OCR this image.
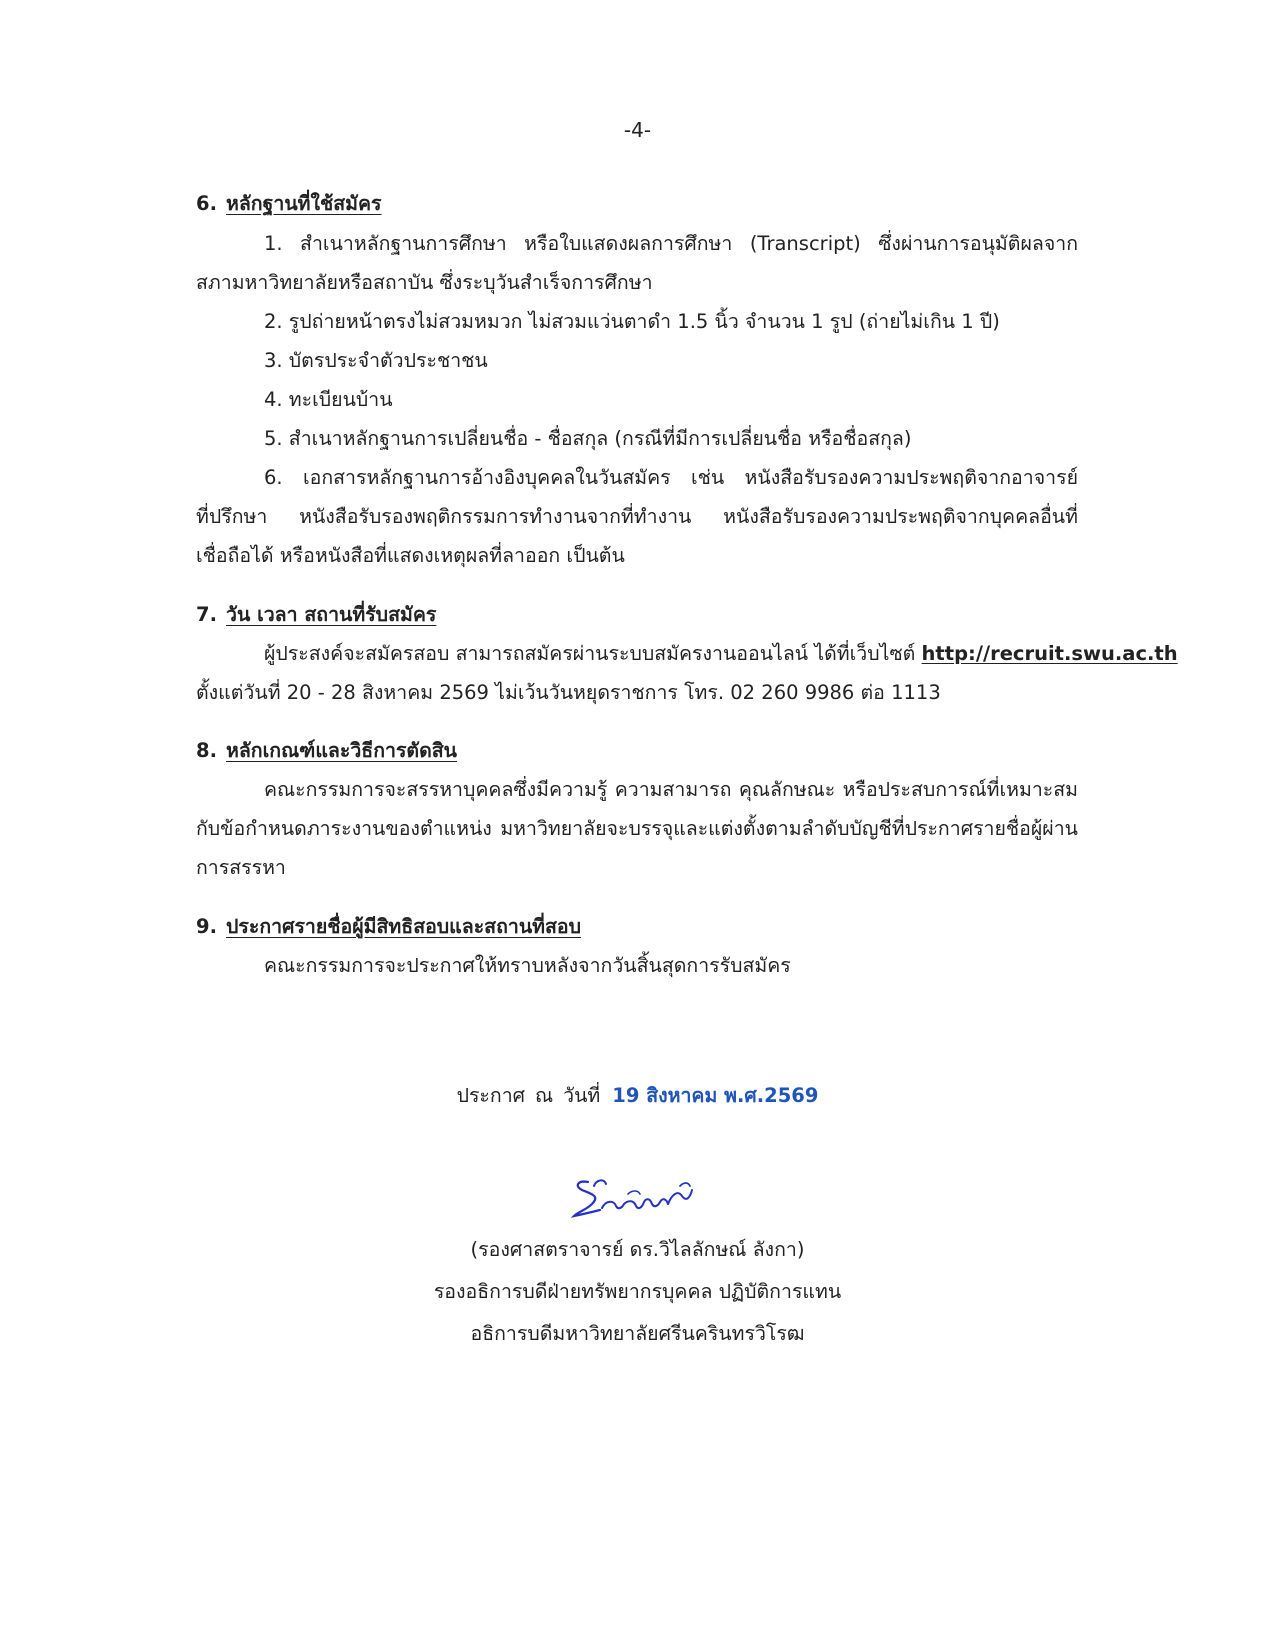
-4-
6. หลักฐานที่ใช้สมัคร
1. สำเนาหลักฐานการศึกษา หรือใบแสดงผลการศึกษา (Transcript) ซึ่งผ่านการอนุมัติผลจาก
สภามหาวิทยาลัยหรือสถาบัน ซึ่งระบุวันสำเร็จการศึกษา
2. รูปถ่ายหน้าตรงไม่สวมหมวก ไม่สวมแว่นตาดำ 1.5 นิ้ว จำนวน 1 รูป (ถ่ายไม่เกิน 1 ปี)
3. บัตรประจำตัวประชาชน
4. ทะเบียนบ้าน
5. สำเนาหลักฐานการเปลี่ยนชื่อ - ชื่อสกุล (กรณีที่มีการเปลี่ยนชื่อ หรือชื่อสกุล)
6. เอกสารหลักฐานการอ้างอิงบุคคลในวันสมัคร เช่น หนังสือรับรองความประพฤติจากอาจารย์
ที่ปรึกษา หนังสือรับรองพฤติกรรมการทำงานจากที่ทำงาน หนังสือรับรองความประพฤติจากบุคคลอื่นที่
เชื่อถือได้ หรือหนังสือที่แสดงเหตุผลที่ลาออก เป็นต้น
7. วัน เวลา สถานที่รับสมัคร
ผู้ประสงค์จะสมัครสอบ สามารถสมัครผ่านระบบสมัครงานออนไลน์ ได้ที่เว็บไซต์ http://recruit.swu.ac.th
ตั้งแต่วันที่ 20 - 28 สิงหาคม 2569 ไม่เว้นวันหยุดราชการ โทร. 02 260 9986 ต่อ 1113
8. หลักเกณฑ์และวิธีการตัดสิน
คณะกรรมการจะสรรหาบุคคลซึ่งมีความรู้ ความสามารถ คุณลักษณะ หรือประสบการณ์ที่เหมาะสม
กับข้อกำหนดภาระงานของตำแหน่ง มหาวิทยาลัยจะบรรจุและแต่งตั้งตามลำดับบัญชีที่ประกาศรายชื่อผู้ผ่าน
การสรรหา
9. ประกาศรายชื่อผู้มีสิทธิสอบและสถานที่สอบ
คณะกรรมการจะประกาศให้ทราบหลังจากวันสิ้นสุดการรับสมัคร
ประกาศ ณ วันที่ 19 สิงหาคม พ.ศ.2569
(รองศาสตราจารย์ ดร.วิไลลักษณ์ ลังกา)
รองอธิการบดีฝ่ายทรัพยากรบุคคล ปฏิบัติการแทน
อธิการบดีมหาวิทยาลัยศรีนครินทรวิโรฒ
